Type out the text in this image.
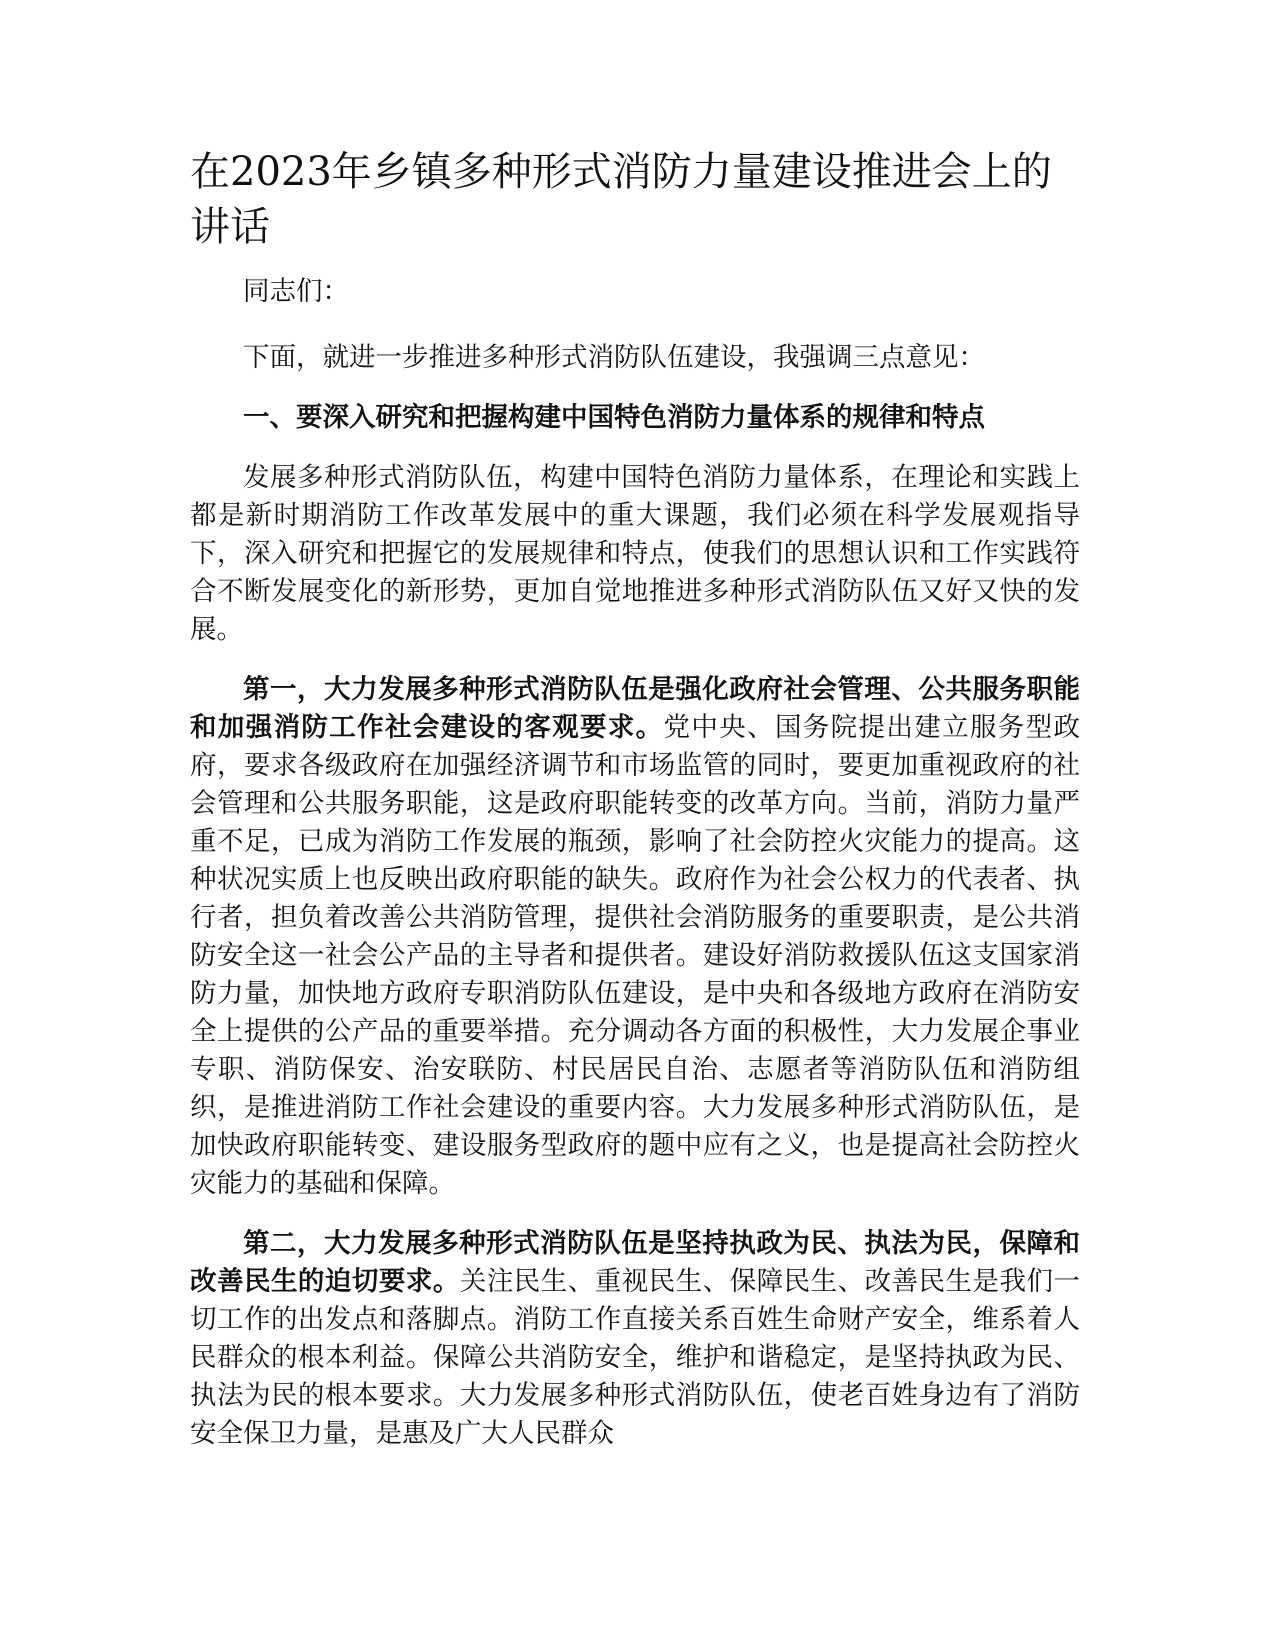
在2023年乡镇多种形式消防力量建设推进会上的讲话

同志们：

下面，就进一步推进多种形式消防队伍建设，我强调三点意见：

一、要深入研究和把握构建中国特色消防力量体系的规律和特点

发展多种形式消防队伍，构建中国特色消防力量体系，在理论和实践上都是新时期消防工作改革发展中的重大课题，我们必须在科学发展观指导下，深入研究和把握它的发展规律和特点，使我们的思想认识和工作实践符合不断发展变化的新形势，更加自觉地推进多种形式消防队伍又好又快的发展。

第一，大力发展多种形式消防队伍是强化政府社会管理、公共服务职能和加强消防工作社会建设的客观要求。党中央、国务院提出建立服务型政府，要求各级政府在加强经济调节和市场监管的同时，要更加重视政府的社会管理和公共服务职能，这是政府职能转变的改革方向。当前，消防力量严重不足，已成为消防工作发展的瓶颈，影响了社会防控火灾能力的提高。这种状况实质上也反映出政府职能的缺失。政府作为社会公权力的代表者、执行者，担负着改善公共消防管理，提供社会消防服务的重要职责，是公共消防安全这一社会公产品的主导者和提供者。建设好消防救援队伍这支国家消防力量，加快地方政府专职消防队伍建设，是中央和各级地方政府在消防安全上提供的公产品的重要举措。充分调动各方面的积极性，大力发展企事业专职、消防保安、治安联防、村民居民自治、志愿者等消防队伍和消防组织，是推进消防工作社会建设的重要内容。大力发展多种形式消防队伍，是加快政府职能转变、建设服务型政府的题中应有之义，也是提高社会防控火灾能力的基础和保障。

第二，大力发展多种形式消防队伍是坚持执政为民、执法为民，保障和改善民生的迫切要求。关注民生、重视民生、保障民生、改善民生是我们一切工作的出发点和落脚点。消防工作直接关系百姓生命财产安全，维系着人民群众的根本利益。保障公共消防安全，维护和谐稳定，是坚持执政为民、执法为民的根本要求。大力发展多种形式消防队伍，使老百姓身边有了消防安全保卫力量，是惠及广大人民群众
